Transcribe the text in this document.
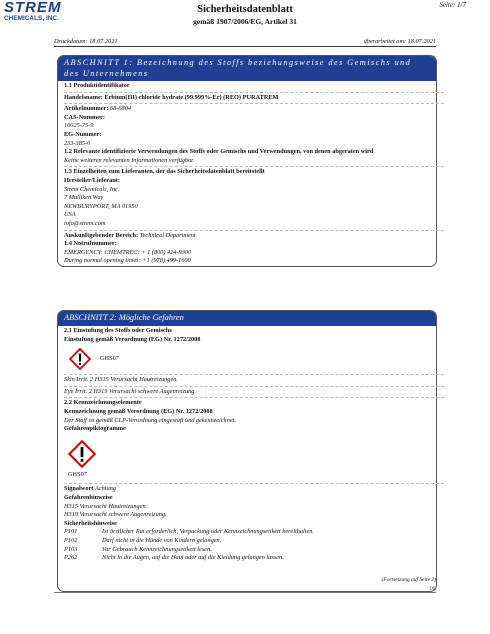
STREM
CHEMICALS, INC.
Sicherheitsdatenblatt
gemäß 1907/2006/EG, Artikel 31
Seite: 1/7
Druckdatum: 18.07.2021	überarbeitet am: 18.07.2021
ABSCHNITT 1: Bezeichnung des Stoffs beziehungsweise des Gemischs und des Unternehmens
1.1 Produktidentifikator
Handelsname: Erbium(III) chloride hydrate (99.999%-Er) (REO) PURATREM
Artikelnummer: 68-6804
CAS-Nummer:
10025-75-9
EG-Nummer:
233-385-0
1.2 Relevante identifizierte Verwendungen des Stoffs oder Gemischs und Verwendungen, von denen abgeraten wird
Keine weiteren relevanten Informationen verfügbar.
1.3 Einzelheiten zum Lieferanten, der das Sicherheitsdatenblatt bereitstellt
Hersteller/Lieferant:
Strem Chemicals, Inc.
7 Mulliken Way
NEWBURYPORT, MA 01950
USA
info@strem.com
Auskunftgebender Bereich: Technical Department
1.4 Notrufnummer:
EMERGENCY: CHEMTREC: + 1 (800) 424-9300
During normal opening times: +1 (978) 499-1600
ABSCHNITT 2: Mögliche Gefahren
2.1 Einstufung des Stoffs oder Gemischs
Einstufung gemäß Verordnung (EG) Nr. 1272/2008
GHS07
Skin Irrit. 2 H315 Verursacht Hautreizungen.
Eye Irrit. 2 H319 Verursacht schwere Augenreizung.
2.2 Kennzeichnungselemente
Kennzeichnung gemäß Verordnung (EG) Nr. 1272/2008
Der Stoff ist gemäß CLP-Verordnung eingestuft und gekennzeichnet.
Gefahrenpiktogramme
GHS07
Signalwort Achtung
Gefahrenhinweise
H315 Verursacht Hautreizungen.
H319 Verursacht schwere Augenreizung.
Sicherheitshinweise
P101	Ist ärztlicher Rat erforderlich, Verpackung oder Kennzeichnungsetikett bereithalten.
P102	Darf nicht in die Hände von Kindern gelangen.
P103	Vor Gebrauch Kennzeichnungsetikett lesen.
P262	Nicht in die Augen, auf die Haut oder auf die Kleidung gelangen lassen.
(Fortsetzung auf Seite 2)
DE
